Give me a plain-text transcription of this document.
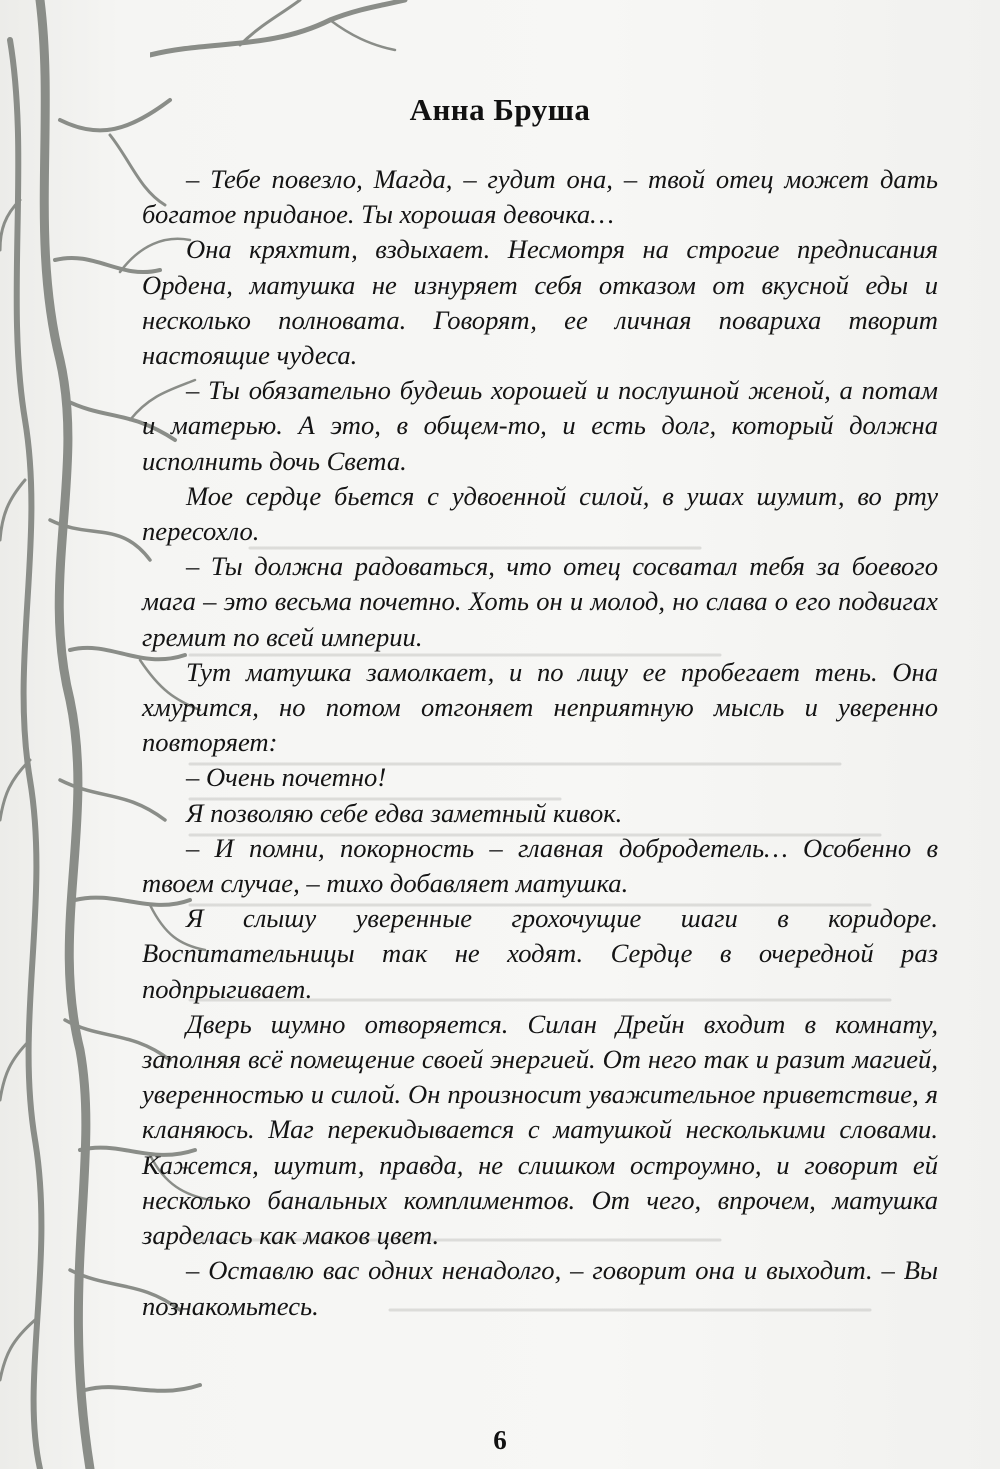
Анна Бруша

– Тебе повезло, Магда, – гудит она, – твой отец может дать богатое приданое. Ты хорошая девочка…

Она кряхтит, вздыхает. Несмотря на строгие предписания Ордена, матушка не изнуряет себя отказом от вкусной еды и несколько полновата. Говорят, ее личная повариха творит настоящие чудеса.

– Ты обязательно будешь хорошей и послушной женой, а потам и матерью. А это, в общем-то, и есть долг, который должна исполнить дочь Света.

Мое сердце бьется с удвоенной силой, в ушах шумит, во рту пересохло.

– Ты должна радоваться, что отец сосватал тебя за боевого мага – это весьма почетно. Хоть он и молод, но слава о его подвигах гремит по всей империи.

Тут матушка замолкает, и по лицу ее пробегает тень. Она хмурится, но потом отгоняет неприятную мысль и уверенно повторяет:

– Очень почетно!

Я позволяю себе едва заметный кивок.

– И помни, покорность – главная добродетель… Особенно в твоем случае, – тихо добавляет матушка.

Я слышу уверенные грохочущие шаги в коридоре. Воспитательницы так не ходят. Сердце в очередной раз подпрыгивает.

Дверь шумно отворяется. Силан Дрейн входит в комнату, заполняя всё помещение своей энергией. От него так и разит магией, уверенностью и силой. Он произносит уважительное приветствие, я кланяюсь. Маг перекидывается с матушкой несколькими словами. Кажется, шутит, правда, не слишком остроумно, и говорит ей несколько банальных комплиментов. От чего, впрочем, матушка зарделась как маков цвет.

– Оставлю вас одних ненадолго, – говорит она и выходит. – Вы познакомьтесь.

6
